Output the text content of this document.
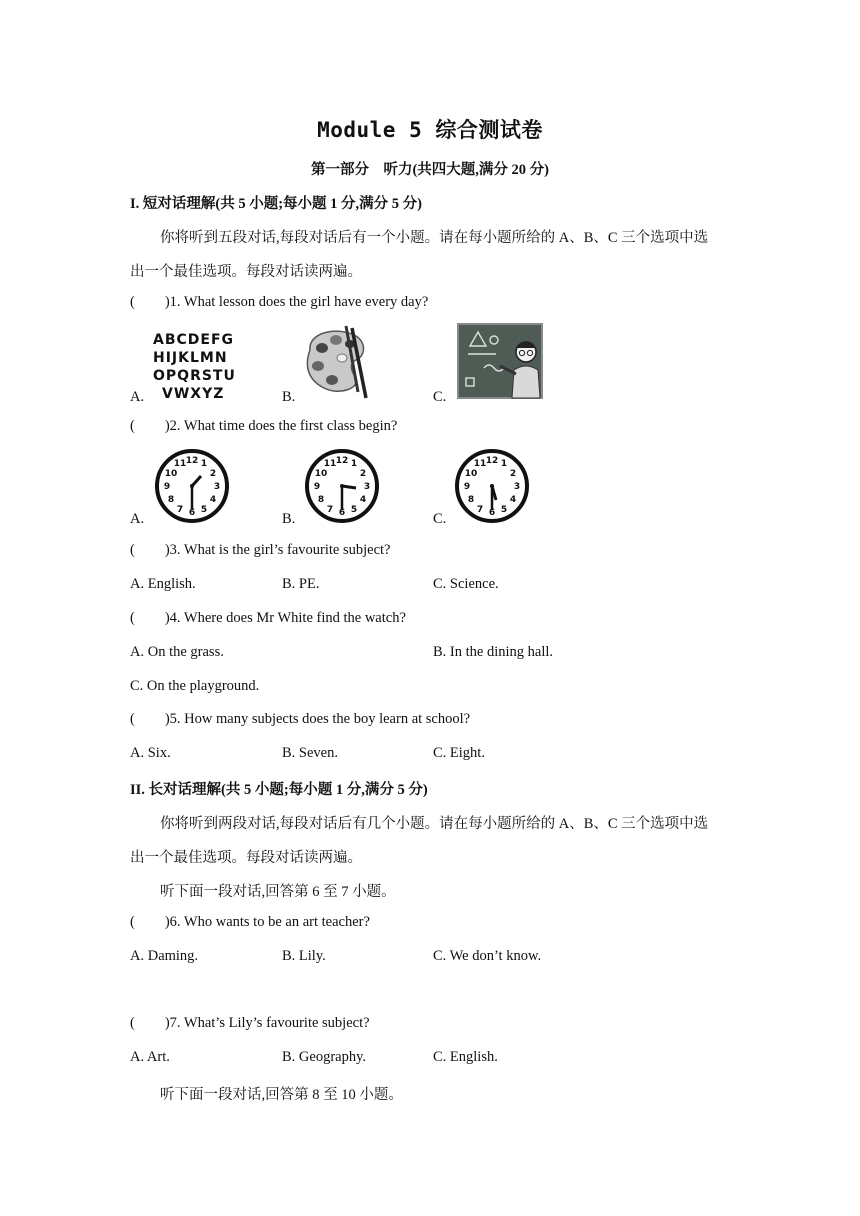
Module 5 综合测试卷
第一部分　听力(共四大题,满分 20 分)
I. 短对话理解(共 5 小题;每小题 1 分,满分 5 分)
你将听到五段对话,每段对话后有一个小题。请在每小题所给的 A、B、C 三个选项中选
出一个最佳选项。每段对话读两遍。
( )1. What lesson does the girl have every day?
A.
ABCDEFG
HIJKLMN
OPQRSTU
VWXYZ	B.	C.
( )2. What time does the first class begin?
A.
12 1
2
3
4
5
6
7
8
9
10
11
B.
12 1
2
3
4
5
6
7
8
9
10
11
C.
12 1
2
3
4
5
6
7
8
9
10
11
( )3. What is the girl’s favourite subject?
A. English.	B. PE.	C. Science.
( )4. Where does Mr White find the watch?
A. On the grass.	B. In the dining hall.
C. On the playground.
( )5. How many subjects does the boy learn at school?
A. Six.	B. Seven.	C. Eight.
II. 长对话理解(共 5 小题;每小题 1 分,满分 5 分)
你将听到两段对话,每段对话后有几个小题。请在每小题所给的 A、B、C 三个选项中选
出一个最佳选项。每段对话读两遍。
听下面一段对话,回答第 6 至 7 小题。
( )6. Who wants to be an art teacher?
A. Daming.	B. Lily.	C. We don’t know.
( )7. What’s Lily’s favourite subject?
A. Art.	B. Geography.	C. English.
听下面一段对话,回答第 8 至 10 小题。
